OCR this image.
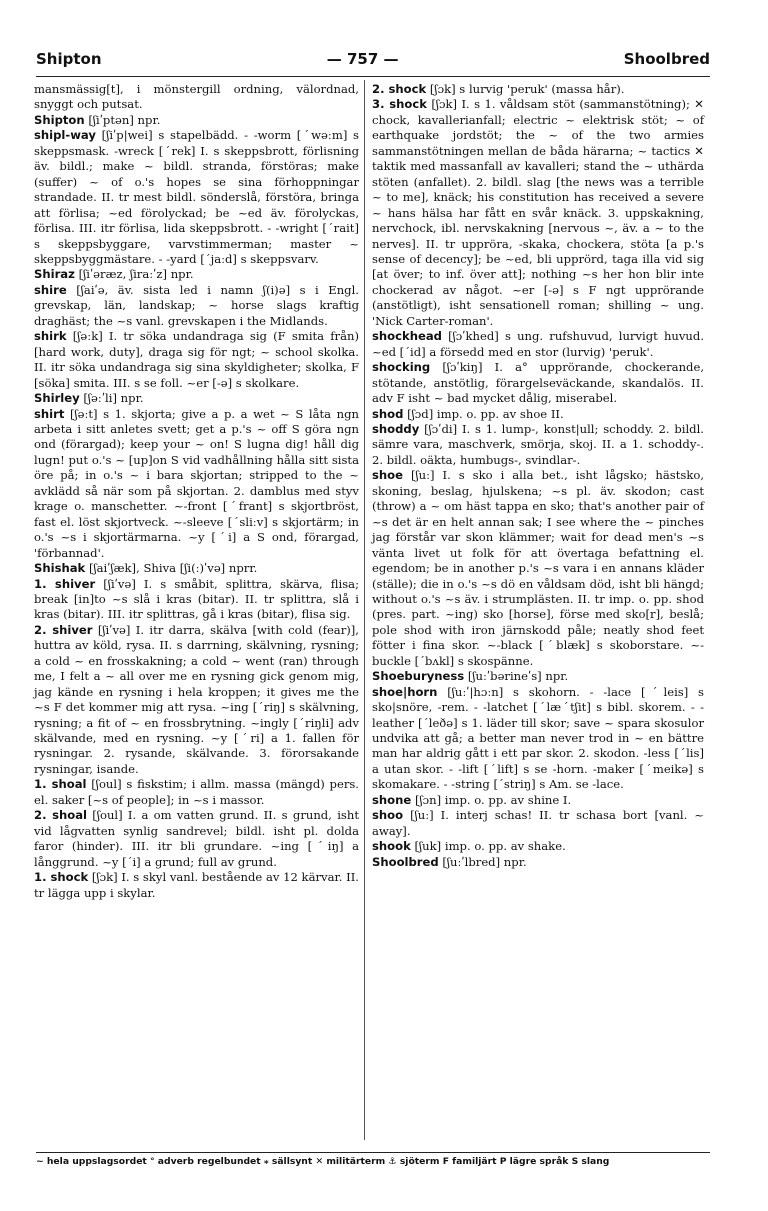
Shipton	— 757 —	Shoolbred

mansmässig[t], i mönstergill ordning, välordnad, snyggt och putsat.

Shipton [ʃiʹptən] npr.

shipl-way [ʃiʹp|wei] s stapelbädd. - -worm [ˊwəːm] s skeppsmask. -wreck [ˊrek] I. s skeppsbrott, förlisning äv. bildl.; make ~ bildl. stranda, förstöras; make (suffer) ~ of o.'s hopes se sina förhoppningar strandade. II. tr mest bildl. sönderslå, förstöra, bringa att förlisa; ~ed förolyckad; be ~ed äv. förolyckas, förlisa. III. itr förlisa, lida skeppsbrott. - -wright [ˊrait] s skeppsbyggare, varvstimmerman; master ~ skeppsbyggmästare. - -yard [ˊjaːd] s skeppsvarv.

Shiraz [ʃiʹəræz, ʃiraːʹz] npr.

shire [ʃaiʹə, äv. sista led i namn ʃ(i)ə] s i Engl. grevskap, län, landskap; ~ horse slags kraftig draghäst; the ~s vanl. grevskapen i the Midlands.

shirk [ʃəːk] I. tr söka undandraga sig (F smita från) [hard work, duty], draga sig för ngt; ~ school skolka. II. itr söka undandraga sig sina skyldigheter; skolka, F [söka] smita. III. s se foll. ~er [-ə] s skolkare.

Shirley [ʃəːʹli] npr.

shirt [ʃəːt] s 1. skjorta; give a p. a wet ~ S låta ngn arbeta i sitt anletes svett; get a p.'s ~ off S göra ngn ond (förargad); keep your ~ on! S lugna dig! håll dig lugn! put o.'s ~ [up]on S vid vadhållning hålla sitt sista öre på; in o.'s ~ i bara skjortan; stripped to the ~ avklädd så när som på skjortan. 2. damblus med styv krage o. manschetter. ~-front [ˊfrant] s skjortbröst, fast el. löst skjortveck. ~-sleeve [ˊsliːv] s skjortärm; in o.'s ~s i skjortärmarna. ~y [ˊi] a S ond, förargad, 'förbannad'.

Shishak [ʃaiʹʃæk], Shiva [ʃi(ː)ʹvə] nprr.

1. shiver [ʃiʹvə] I. s småbit, splittra, skärva, flisa; break [in]to ~s slå i kras (bitar). II. tr splittra, slå i kras (bitar). III. itr splittras, gå i kras (bitar), flisa sig.

2. shiver [ʃiʹvə] I. itr darra, skälva [with cold (fear)], huttra av köld, rysa. II. s darrning, skälvning, rysning; a cold ~ en frosskakning; a cold ~ went (ran) through me, I felt a ~ all over me en rysning gick genom mig, jag kände en rysning i hela kroppen; it gives me the ~s F det kommer mig att rysa. ~ing [ˊriŋ] s skälvning, rysning; a fit of ~ en frossbrytning. ~ingly [ˊriŋli] adv skälvande, med en rysning. ~y [ˊri] a 1. fallen för rysningar. 2. rysande, skälvande. 3. förorsakande rysningar, isande.

1. shoal [ʃoul] s fiskstim; i allm. massa (mängd) pers. el. saker [~s of people]; in ~s i massor.

2. shoal [ʃoul] I. a om vatten grund. II. s grund, isht vid lågvatten synlig sandrevel; bildl. isht pl. dolda faror (hinder). III. itr bli grundare. ~ing [ˊiŋ] a långgrund. ~y [ˊi] a grund; full av grund.

1. shock [ʃɔk] I. s skyl vanl. bestående av 12 kärvar. II. tr lägga upp i skylar.

2. shock [ʃɔk] s lurvig 'peruk' (massa hår).

3. shock [ʃɔk] I. s 1. våldsam stöt (sammanstötning); ✕ chock, kavallerianfall; electric ~ elektrisk stöt; ~ of earthquake jordstöt; the ~ of the two armies sammanstötningen mellan de båda härarna; ~ tactics ✕ taktik med massanfall av kavalleri; stand the ~ uthärda stöten (anfallet). 2. bildl. slag [the news was a terrible ~ to me], knäck; his constitution has received a severe ~ hans hälsa har fått en svår knäck. 3. uppskakning, nervchock, ibl. nervskakning [nervous ~, äv. a ~ to the nerves]. II. tr uppröra, -skaka, chockera, stöta [a p.'s sense of decency]; be ~ed, bli upprörd, taga illa vid sig [at över; to inf. över att]; nothing ~s her hon blir inte chockerad av något. ~er [-ə] s F ngt upprörande (anstötligt), isht sensationell roman; shilling ~ ung. 'Nick Carter-roman'.

shockhead [ʃɔʹkhed] s ung. rufshuvud, lurvigt huvud. ~ed [ˊid] a försedd med en stor (lurvig) 'peruk'.

shocking [ʃɔʹkiŋ] I. a° upprörande, chockerande, stötande, anstötlig, förargelseväckande, skandalös. II. adv F isht ~ bad mycket dålig, miserabel.

shod [ʃɔd] imp. o. pp. av shoe II.

shoddy [ʃɔʹdi] I. s 1. lump-, konst|ull; schoddy. 2. bildl. sämre vara, maschverk, smörja, skoj. II. a 1. schoddy-. 2. bildl. oäkta, humbugs-, svindlar-.

shoe [ʃuː] I. s sko i alla bet., isht lågsko; hästsko, skoning, beslag, hjulskena; ~s pl. äv. skodon; cast (throw) a ~ om häst tappa en sko; that's another pair of ~s det är en helt annan sak; I see where the ~ pinches jag förstår var skon klämmer; wait for dead men's ~s vänta livet ut folk för att övertaga befattning el. egendom; be in another p.'s ~s vara i en annans kläder (ställe); die in o.'s ~s dö en våldsam död, isht bli hängd; without o.'s ~s äv. i strumplästen. II. tr imp. o. pp. shod (pres. part. ~ing) sko [horse], förse med sko[r], beslå; pole shod with iron järnskodd påle; neatly shod feet fötter i fina skor. ~-black [ˊblæk] s skoborstare. ~-buckle [ˊbʌkl] s skospänne.

Shoeburyness [ʃuːʹbərineʹs] npr.

shoe|horn [ʃuːʹ|hɔːn] s skohorn. - -lace [ˊleis] s sko|snöre, -rem. - -latchet [ˊlæˊtʃit] s bibl. skorem. - -leather [ˊleðə] s 1. läder till skor; save ~ spara skosulor undvika att gå; a better man never trod in ~ en bättre man har aldrig gått i ett par skor. 2. skodon. -less [ˊlis] a utan skor. - -lift [ˊlift] s se -horn. -maker [ˊmeikə] s skomakare. - -string [ˊstriŋ] s Am. se -lace.

shone [ʃɔn] imp. o. pp. av shine I.

shoo [ʃuː] I. interj schas! II. tr schasa bort [vanl. ~ away].

shook [ʃuk] imp. o. pp. av shake.

Shoolbred [ʃuːʹlbred] npr.

~ hela uppslagsordet ° adverb regelbundet ⁎ sällsynt ✕ militärterm ⚓ sjöterm F familjärt P lägre språk S slang
